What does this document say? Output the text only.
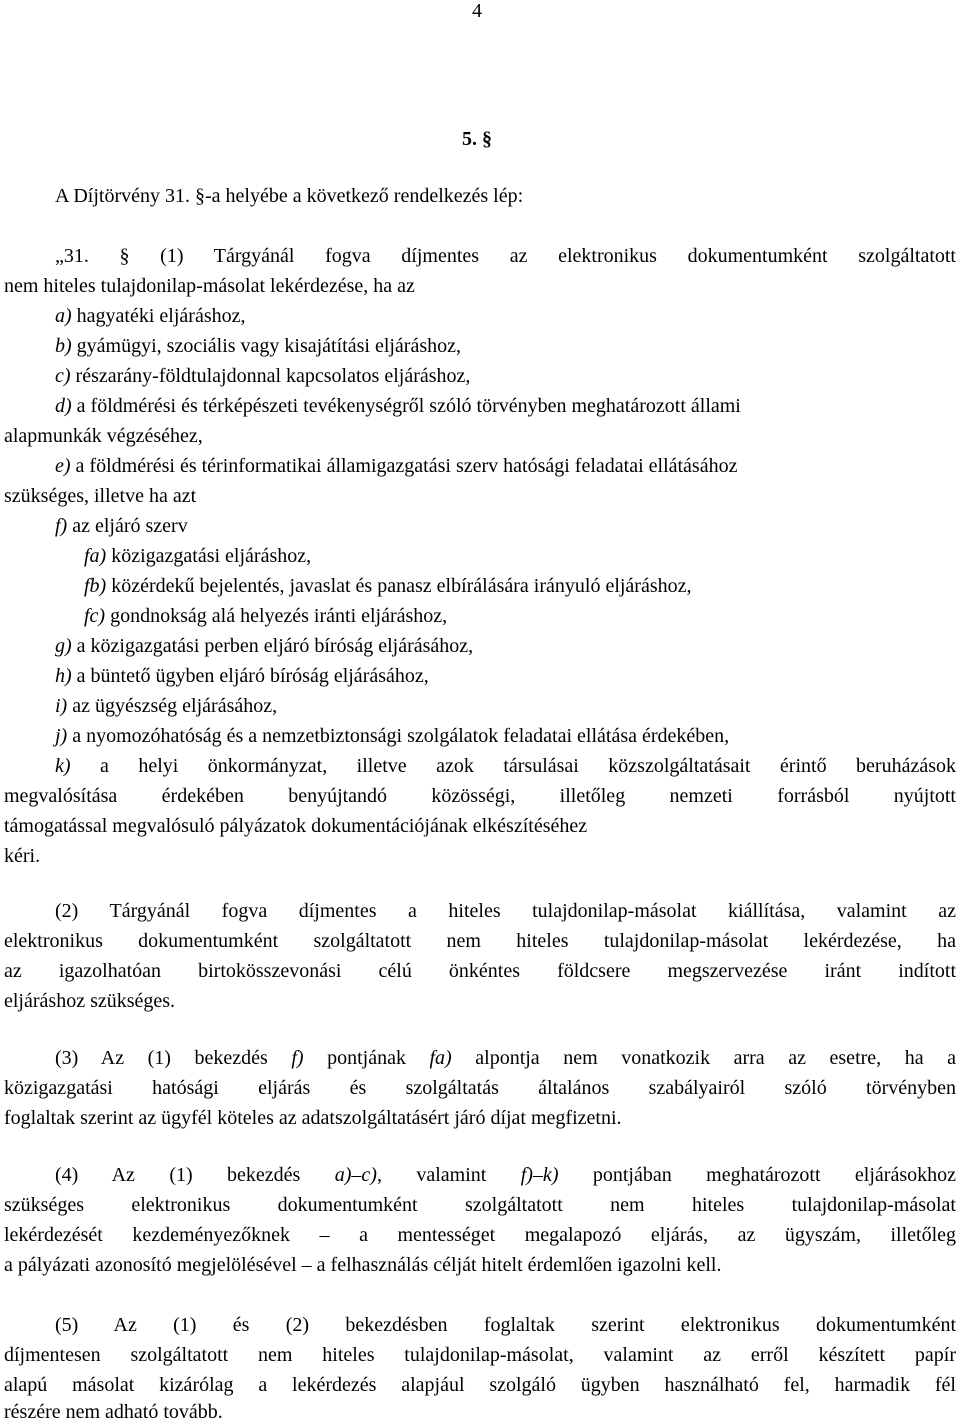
4
5. §
A Díjtörvény 31. §-a helyébe a következő rendelkezés lép:
„31. § (1) Tárgyánál fogva díjmentes az elektronikus dokumentumként szolgáltatott
nem hiteles tulajdonilap-másolat lekérdezése, ha az
a) hagyatéki eljáráshoz,
b) gyámügyi, szociális vagy kisajátítási eljáráshoz,
c) részarány-földtulajdonnal kapcsolatos eljáráshoz,
d) a földmérési és térképészeti tevékenységről szóló törvényben meghatározott állami
alapmunkák végzéséhez,
e) a földmérési és térinformatikai államigazgatási szerv hatósági feladatai ellátásához
szükséges, illetve ha azt
f) az eljáró szerv
fa) közigazgatási eljáráshoz,
fb) közérdekű bejelentés, javaslat és panasz elbírálására irányuló eljáráshoz,
fc) gondnokság alá helyezés iránti eljáráshoz,
g) a közigazgatási perben eljáró bíróság eljárásához,
h) a büntető ügyben eljáró bíróság eljárásához,
i) az ügyészség eljárásához,
j) a nyomozóhatóság és a nemzetbiztonsági szolgálatok feladatai ellátása érdekében,
k) a helyi önkormányzat, illetve azok társulásai közszolgáltatásait érintő beruházások
megvalósítása érdekében benyújtandó közösségi, illetőleg nemzeti forrásból nyújtott
támogatással megvalósuló pályázatok dokumentációjának elkészítéséhez
kéri.
(2) Tárgyánál fogva díjmentes a hiteles tulajdonilap-másolat kiállítása, valamint az
elektronikus dokumentumként szolgáltatott nem hiteles tulajdonilap-másolat lekérdezése, ha
az igazolhatóan birtokösszevonási célú önkéntes földcsere megszervezése iránt indított
eljáráshoz szükséges.
(3) Az (1) bekezdés f) pontjának fa) alpontja nem vonatkozik arra az esetre, ha a
közigazgatási hatósági eljárás és szolgáltatás általános szabályairól szóló törvényben
foglaltak szerint az ügyfél köteles az adatszolgáltatásért járó díjat megfizetni.
(4) Az (1) bekezdés a)–c), valamint f)–k) pontjában meghatározott eljárásokhoz
szükséges elektronikus dokumentumként szolgáltatott nem hiteles tulajdonilap-másolat
lekérdezését kezdeményezőknek – a mentességet megalapozó eljárás, az ügyszám, illetőleg
a pályázati azonosító megjelölésével – a felhasználás célját hitelt érdemlően igazolni kell.
(5) Az (1) és (2) bekezdésben foglaltak szerint elektronikus dokumentumként
díjmentesen szolgáltatott nem hiteles tulajdonilap-másolat, valamint az erről készített papír
alapú másolat kizárólag a lekérdezés alapjául szolgáló ügyben használható fel, harmadik fél
részére nem adható tovább.
